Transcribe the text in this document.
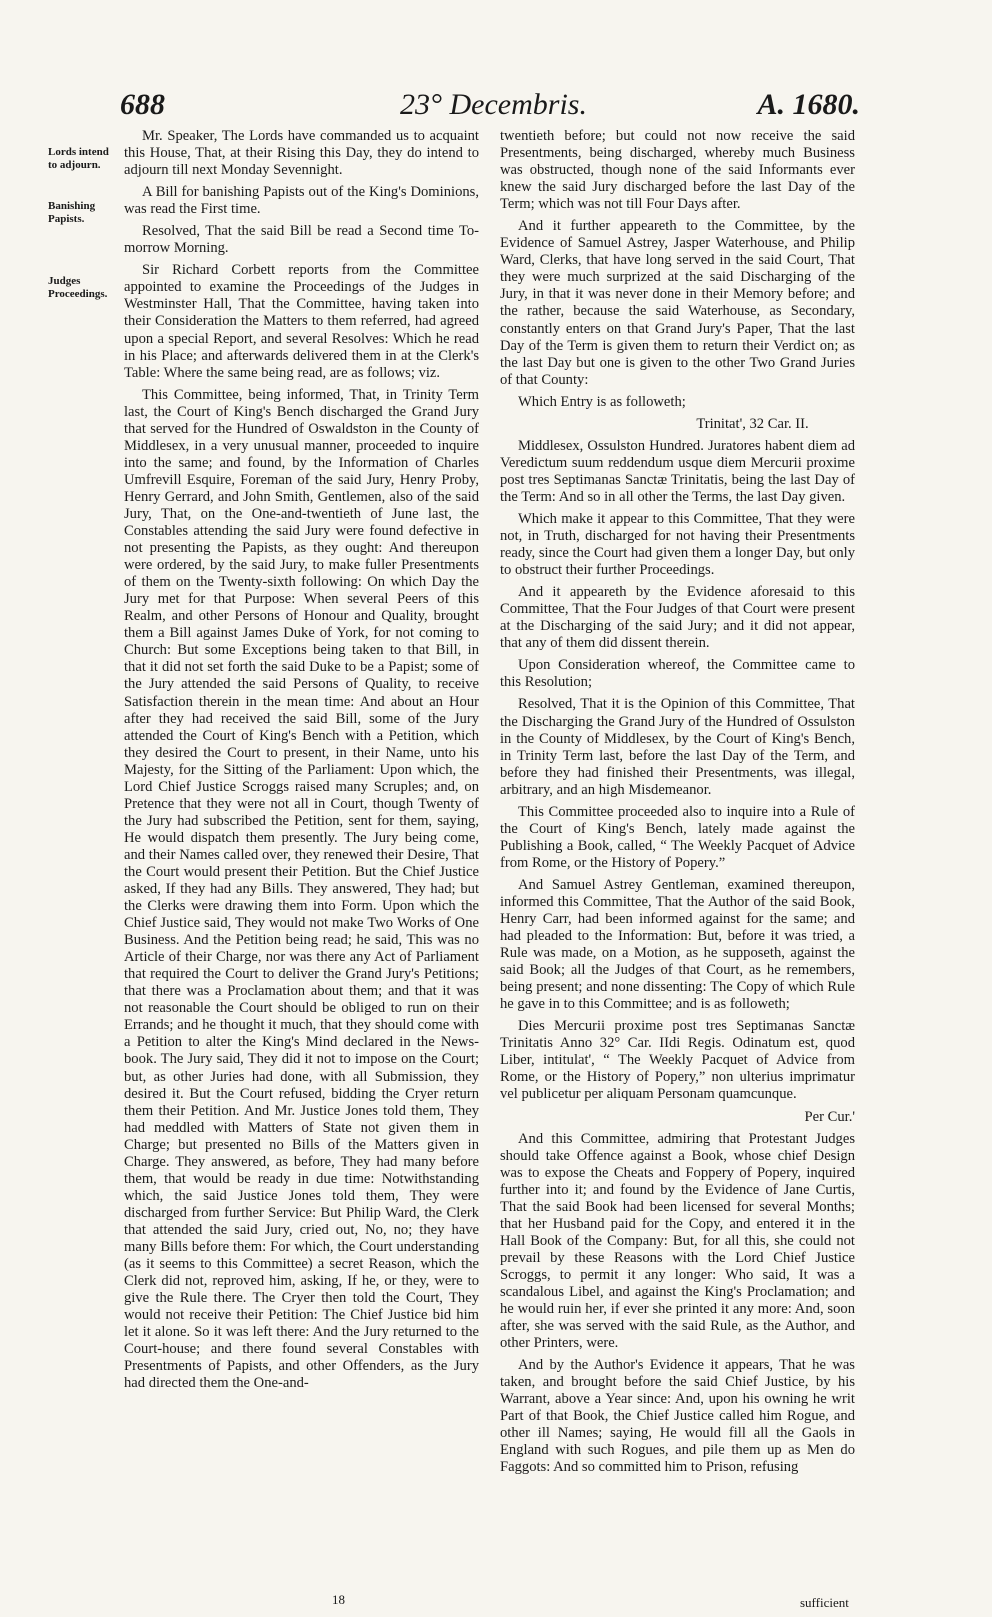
688	23° Decembris.	A. 1680.
Lords intend to adjourn.
Banishing Papists.
Judges Proceedings.

Mr. Speaker, The Lords have commanded us to acquaint this House, That, at their Rising this Day, they do intend to adjourn till next Monday Sevennight.

A Bill for banishing Papists out of the King's Dominions, was read the First time.

Resolved, That the said Bill be read a Second time To-morrow Morning.

Sir Richard Corbett reports from the Committee appointed to examine the Proceedings of the Judges in Westminster Hall, That the Committee, having taken into their Consideration the Matters to them referred, had agreed upon a special Report, and several Resolves: Which he read in his Place; and afterwards delivered them in at the Clerk's Table: Where the same being read, are as follows; viz.

This Committee, being informed, That, in Trinity Term last, the Court of King's Bench discharged the Grand Jury that served for the Hundred of Oswaldston in the County of Middlesex, in a very unusual manner, proceeded to inquire into the same; and found, by the Information of Charles Umfrevill Esquire, Foreman of the said Jury, Henry Proby, Henry Gerrard, and John Smith, Gentlemen, also of the said Jury, That, on the One-and-twentieth of June last, the Constables attending the said Jury were found defective in not presenting the Papists, as they ought: And thereupon were ordered, by the said Jury, to make fuller Presentments of them on the Twenty-sixth following: On which Day the Jury met for that Purpose: When several Peers of this Realm, and other Persons of Honour and Quality, brought them a Bill against James Duke of York, for not coming to Church: But some Exceptions being taken to that Bill, in that it did not set forth the said Duke to be a Papist; some of the Jury attended the said Persons of Quality, to receive Satisfaction therein in the mean time: And about an Hour after they had received the said Bill, some of the Jury attended the Court of King's Bench with a Petition, which they desired the Court to present, in their Name, unto his Majesty, for the Sitting of the Parliament: Upon which, the Lord Chief Justice Scroggs raised many Scruples; and, on Pretence that they were not all in Court, though Twenty of the Jury had subscribed the Petition, sent for them, saying, He would dispatch them presently. The Jury being come, and their Names called over, they renewed their Desire, That the Court would present their Petition. But the Chief Justice asked, If they had any Bills. They answered, They had; but the Clerks were drawing them into Form. Upon which the Chief Justice said, They would not make Two Works of One Business. And the Petition being read; he said, This was no Article of their Charge, nor was there any Act of Parliament that required the Court to deliver the Grand Jury's Petitions; that there was a Proclamation about them; and that it was not reasonable the Court should be obliged to run on their Errands; and he thought it much, that they should come with a Petition to alter the King's Mind declared in the News-book. The Jury said, They did it not to impose on the Court; but, as other Juries had done, with all Submission, they desired it. But the Court refused, bidding the Cryer return them their Petition. And Mr. Justice Jones told them, They had meddled with Matters of State not given them in Charge; but presented no Bills of the Matters given in Charge. They answered, as before, They had many before them, that would be ready in due time: Notwithstanding which, the said Justice Jones told them, They were discharged from further Service: But Philip Ward, the Clerk that attended the said Jury, cried out, No, no; they have many Bills before them: For which, the Court understanding (as it seems to this Committee) a secret Reason, which the Clerk did not, reproved him, asking, If he, or they, were to give the Rule there. The Cryer then told the Court, They would not receive their Petition: The Chief Justice bid him let it alone. So it was left there: And the Jury returned to the Court-house; and there found several Constables with Presentments of Papists, and other Offenders, as the Jury had directed them the One-and-

twentieth before; but could not now receive the said Presentments, being discharged, whereby much Business was obstructed, though none of the said Informants ever knew the said Jury discharged before the last Day of the Term; which was not till Four Days after.

And it further appeareth to the Committee, by the Evidence of Samuel Astrey, Jasper Waterhouse, and Philip Ward, Clerks, that have long served in the said Court, That they were much surprized at the said Discharging of the Jury, in that it was never done in their Memory before; and the rather, because the said Waterhouse, as Secondary, constantly enters on that Grand Jury's Paper, That the last Day of the Term is given them to return their Verdict on; as the last Day but one is given to the other Two Grand Juries of that County:

Which Entry is as followeth;

Trinitat', 32 Car. II.

Middlesex, Ossulston Hundred. Juratores habent diem ad Veredictum suum reddendum usque diem Mercurii proxime post tres Septimanas Sanctæ Trinitatis, being the last Day of the Term: And so in all other the Terms, the last Day given.

Which make it appear to this Committee, That they were not, in Truth, discharged for not having their Presentments ready, since the Court had given them a longer Day, but only to obstruct their further Proceedings.

And it appeareth by the Evidence aforesaid to this Committee, That the Four Judges of that Court were present at the Discharging of the said Jury; and it did not appear, that any of them did dissent therein.

Upon Consideration whereof, the Committee came to this Resolution;

Resolved, That it is the Opinion of this Committee, That the Discharging the Grand Jury of the Hundred of Ossulston in the County of Middlesex, by the Court of King's Bench, in Trinity Term last, before the last Day of the Term, and before they had finished their Presentments, was illegal, arbitrary, and an high Misdemeanor.

This Committee proceeded also to inquire into a Rule of the Court of King's Bench, lately made against the Publishing a Book, called, “ The Weekly Pacquet of Advice from Rome, or the History of Popery.”

And Samuel Astrey Gentleman, examined thereupon, informed this Committee, That the Author of the said Book, Henry Carr, had been informed against for the same; and had pleaded to the Information: But, before it was tried, a Rule was made, on a Motion, as he supposeth, against the said Book; all the Judges of that Court, as he remembers, being present; and none dissenting: The Copy of which Rule he gave in to this Committee; and is as followeth;

Dies Mercurii proxime post tres Septimanas Sanctæ Trinitatis Anno 32° Car. IIdi Regis. Odinatum est, quod Liber, intitulat', “ The Weekly Pacquet of Advice from Rome, or the History of Popery,” non ulterius imprimatur vel publicetur per aliquam Personam quamcunque.

Per Cur.'

And this Committee, admiring that Protestant Judges should take Offence against a Book, whose chief Design was to expose the Cheats and Foppery of Popery, inquired further into it; and found by the Evidence of Jane Curtis, That the said Book had been licensed for several Months; that her Husband paid for the Copy, and entered it in the Hall Book of the Company: But, for all this, she could not prevail by these Reasons with the Lord Chief Justice Scroggs, to permit it any longer: Who said, It was a scandalous Libel, and against the King's Proclamation; and he would ruin her, if ever she printed it any more: And, soon after, she was served with the said Rule, as the Author, and other Printers, were.

And by the Author's Evidence it appears, That he was taken, and brought before the said Chief Justice, by his Warrant, above a Year since: And, upon his owning he writ Part of that Book, the Chief Justice called him Rogue, and other ill Names; saying, He would fill all the Gaols in England with such Rogues, and pile them up as Men do Faggots: And so committed him to Prison, refusing

18	sufficient
